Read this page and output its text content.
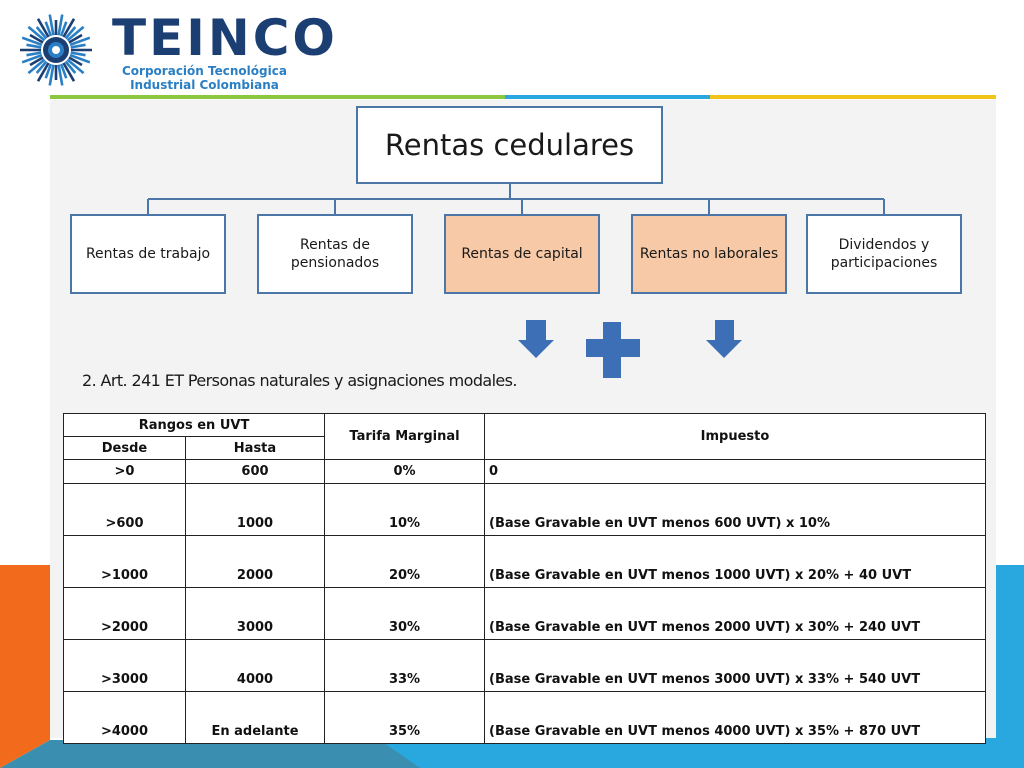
TEINCO
Corporación Tecnológica
Industrial Colombiana
Rentas cedulares
Rentas de trabajo
Rentas de
pensionados
Rentas de capital	Rentas no laborales
Dividendos y
participaciones
2. Art. 241 ET Personas naturales y asignaciones modales.
Rangos en UVT		Tarifa Marginal	Impuesto
Desde	Hasta		
>0	600	0%	0
>600	1000	10%	(Base Gravable en UVT menos 600 UVT) x 10%
>1000	2000	20%	(Base Gravable en UVT menos 1000 UVT) x 20% + 40 UVT
>2000	3000	30%	(Base Gravable en UVT menos 2000 UVT) x 30% + 240 UVT
>3000	4000	33%	(Base Gravable en UVT menos 3000 UVT) x 33% + 540 UVT
>4000	En adelante	35%	(Base Gravable en UVT menos 4000 UVT) x 35% + 870 UVT
